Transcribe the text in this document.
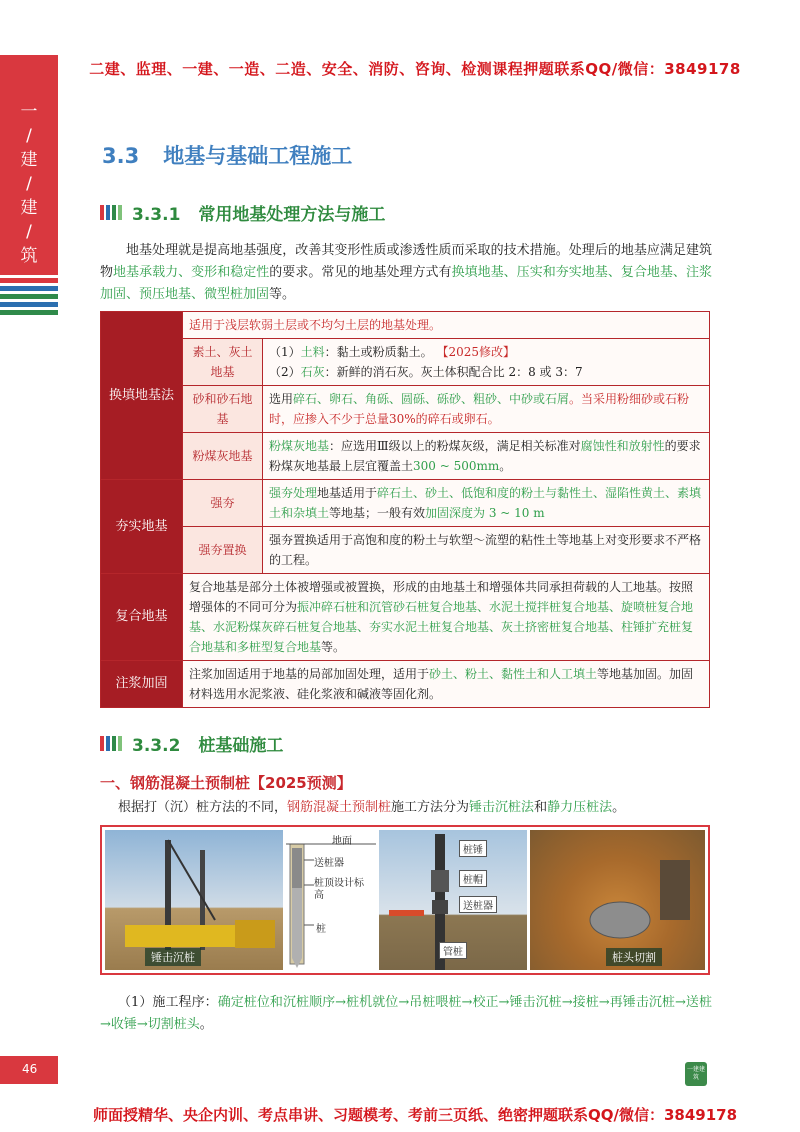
二建、监理、一建、一造、二造、安全、消防、咨询、检测课程押题联系QQ/微信：3849178
一
/
建
/
建
/
筑
3.3 地基与基础工程施工
3.3.1 常用地基处理方法与施工
地基处理就是提高地基强度，改善其变形性质或渗透性质而采取的技术措施。处理后的地基应满足建筑物地基承载力、变形和稳定性的要求。常见的地基处理方式有换填地基、压实和夯实地基、复合地基、注浆加固、预压地基、微型桩加固等。
换填地基法	适用于浅层软弱土层或不均匀土层的地基处理。	
	素土、灰土地基	（1）土料：黏土或粉质黏土。 【2025修改】
（2）石灰：新鲜的消石灰。灰土体积配合比 2：8 或 3：7

	砂和砂石地基	选用碎石、卵石、角砾、圆砾、砾砂、粗砂、中砂或石屑。当采用粉细砂或石粉时，应掺入不少于总量30%的碎石或卵石。
	粉煤灰地基	粉煤灰地基：应选用Ⅲ级以上的粉煤灰级，满足相关标准对腐蚀性和放射性的要求粉煤灰地基最上层宜覆盖土300 ~ 500mm。
夯实地基	强夯	强夯处理地基适用于碎石土、砂土、低饱和度的粉土与黏性土、湿陷性黄土、素填土和杂填土等地基；一般有效加固深度为 3 ~ 10 m
	强夯置换	强夯置换适用于高饱和度的粉土与软塑～流塑的粘性土等地基上对变形要求不严格的工程。
复合地基	复合地基是部分土体被增强或被置换，形成的由地基土和增强体共同承担荷载的人工地基。按照增强体的不同可分为振冲碎石桩和沉管砂石桩复合地基、水泥土搅拌桩复合地基、旋喷桩复合地基、水泥粉煤灰碎石桩复合地基、夯实水泥土桩复合地基、灰土挤密桩复合地基、柱锤扩充桩复合地基和多桩型复合地基等。	
注浆加固	注浆加固适用于地基的局部加固处理，适用于砂土、粉土、黏性土和人工填土等地基加固。加固材料选用水泥浆液、硅化浆液和碱液等固化剂。	
3.3.2 桩基础施工
一、钢筋混凝土预制桩【2025预测】
根据打（沉）桩方法的不同，钢筋混凝土预制桩施工方法分为锤击沉桩法和静力压桩法。
锤击沉桩
地面
送桩器
桩顶设计标高
桩
桩锤
桩帽
送桩器
管桩	桩头切割
（1）施工程序：确定桩位和沉桩顺序→桩机就位→吊桩喂桩→校正→锤击沉桩→接桩→再锤击沉桩→送桩→收锤→切割桩头。
46	一建建筑
师面授精华、央企内训、考点串讲、习题模考、考前三页纸、绝密押题联系QQ/微信：3849178
